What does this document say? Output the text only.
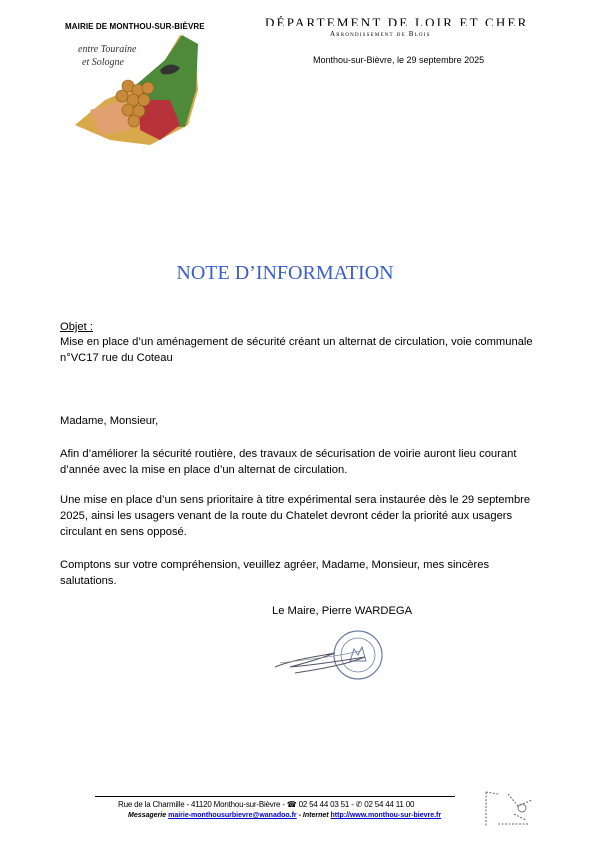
MAIRIE DE MONTHOU-SUR-BIÈVRE
entre Touraine
et Sologne
DÉPARTEMENT DE LOIR ET CHER
Arrondissement de Blois
Monthou-sur-Bièvre, le 29 septembre 2025
NOTE D’INFORMATION
Objet :
Mise en place d’un aménagement de sécurité créant un alternat de circulation, voie communale n°VC17 rue du Coteau
Madame, Monsieur,
Afin d’améliorer la sécurité routière, des travaux de sécurisation de voirie auront lieu courant d’année avec la mise en place d’un alternat de circulation.
Une mise en place d’un sens prioritaire à titre expérimental sera instaurée dès le 29 septembre 2025, ainsi les usagers venant de la route du Chatelet devront céder la priorité aux usagers circulant en sens opposé.
Comptons sur votre compréhension, veuillez agréer, Madame, Monsieur, mes sincères salutations.
Le Maire, Pierre WARDEGA
Rue de la Charmille - 41120 Monthou-sur-Bièvre - ☎ 02 54 44 03 51 - ✆ 02 54 44 11 00
Messagerie mairie-monthousurbievre@wanadoo.fr - Internet http://www.monthou-sur-bievre.fr
